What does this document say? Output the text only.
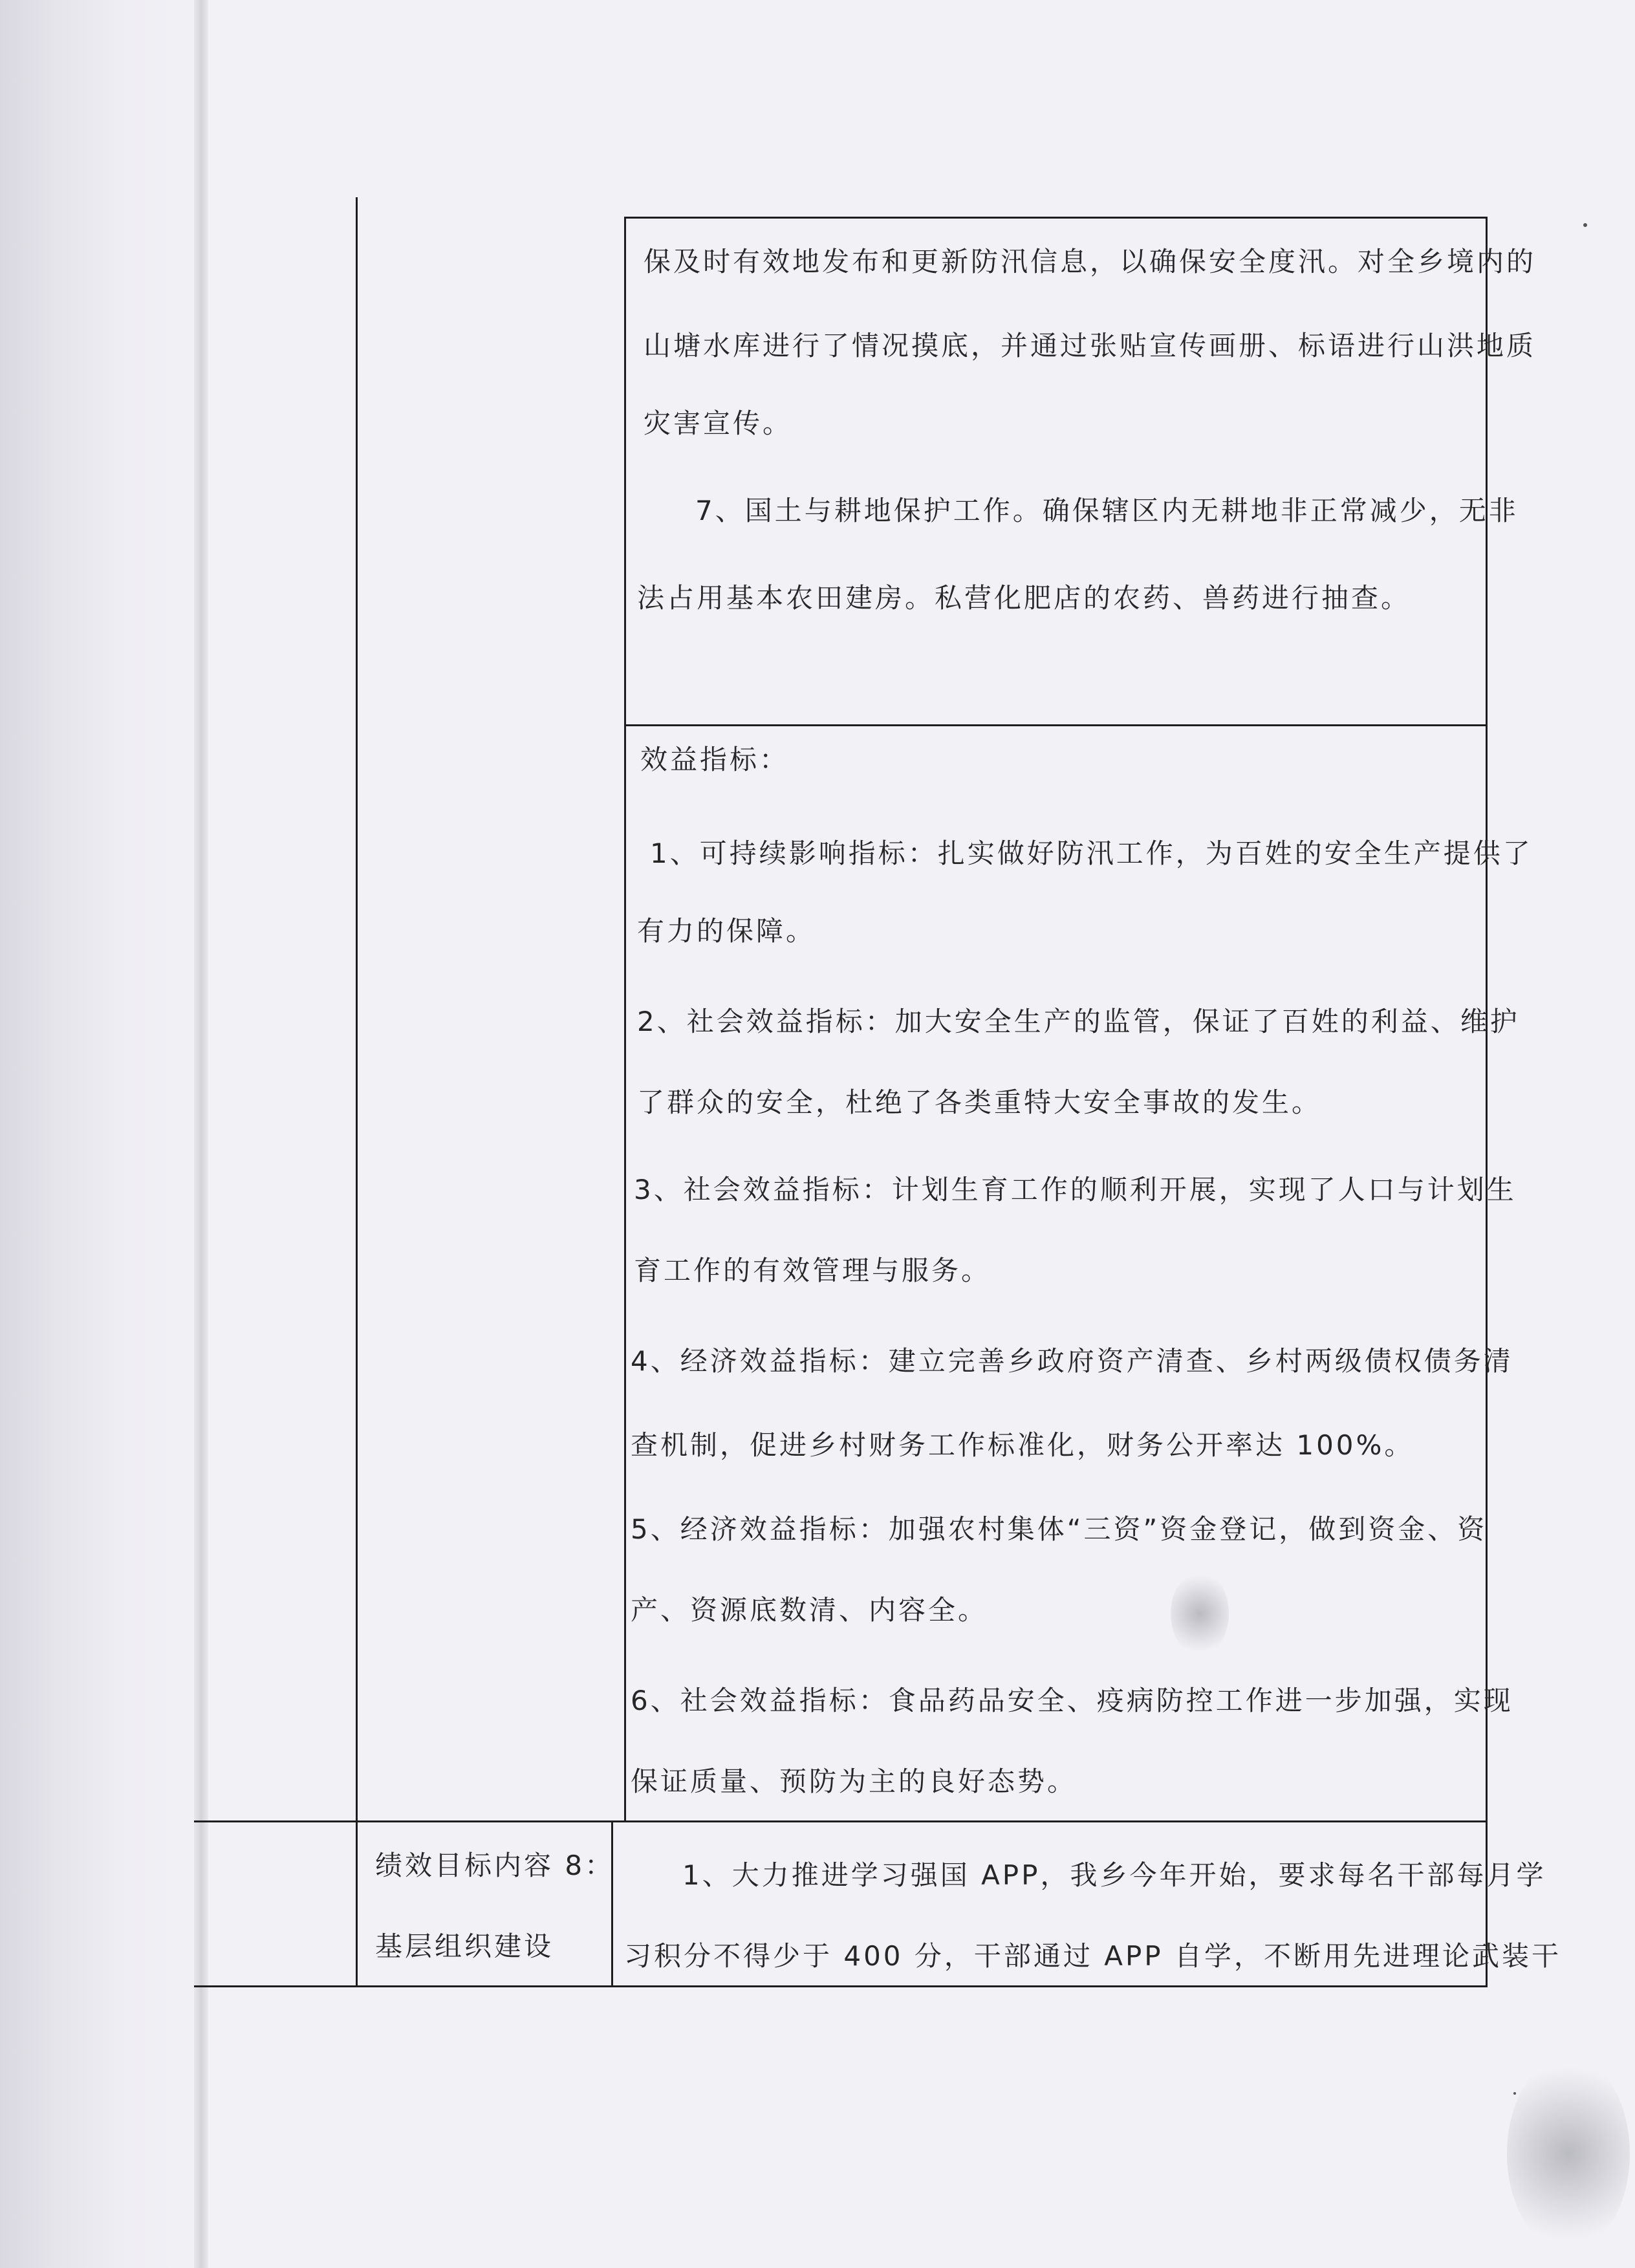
保及时有效地发布和更新防汛信息，以确保安全度汛。对全乡境内的

山塘水库进行了情况摸底，并通过张贴宣传画册、标语进行山洪地质

灾害宣传。

7、国土与耕地保护工作。确保辖区内无耕地非正常减少，无非

法占用基本农田建房。私营化肥店的农药、兽药进行抽查。

效益指标：

1、可持续影响指标：扎实做好防汛工作，为百姓的安全生产提供了

有力的保障。

2、社会效益指标：加大安全生产的监管，保证了百姓的利益、维护

了群众的安全，杜绝了各类重特大安全事故的发生。

3、社会效益指标：计划生育工作的顺利开展，实现了人口与计划生

育工作的有效管理与服务。

4、经济效益指标：建立完善乡政府资产清查、乡村两级债权债务清

查机制，促进乡村财务工作标准化，财务公开率达 100%。

5、经济效益指标：加强农村集体“三资”资金登记，做到资金、资

产、资源底数清、内容全。

6、社会效益指标：食品药品安全、疫病防控工作进一步加强，实现

保证质量、预防为主的良好态势。

绩效目标内容 8：

基层组织建设

1、大力推进学习强国 APP，我乡今年开始，要求每名干部每月学

习积分不得少于 400 分，干部通过 APP 自学，不断用先进理论武装干
